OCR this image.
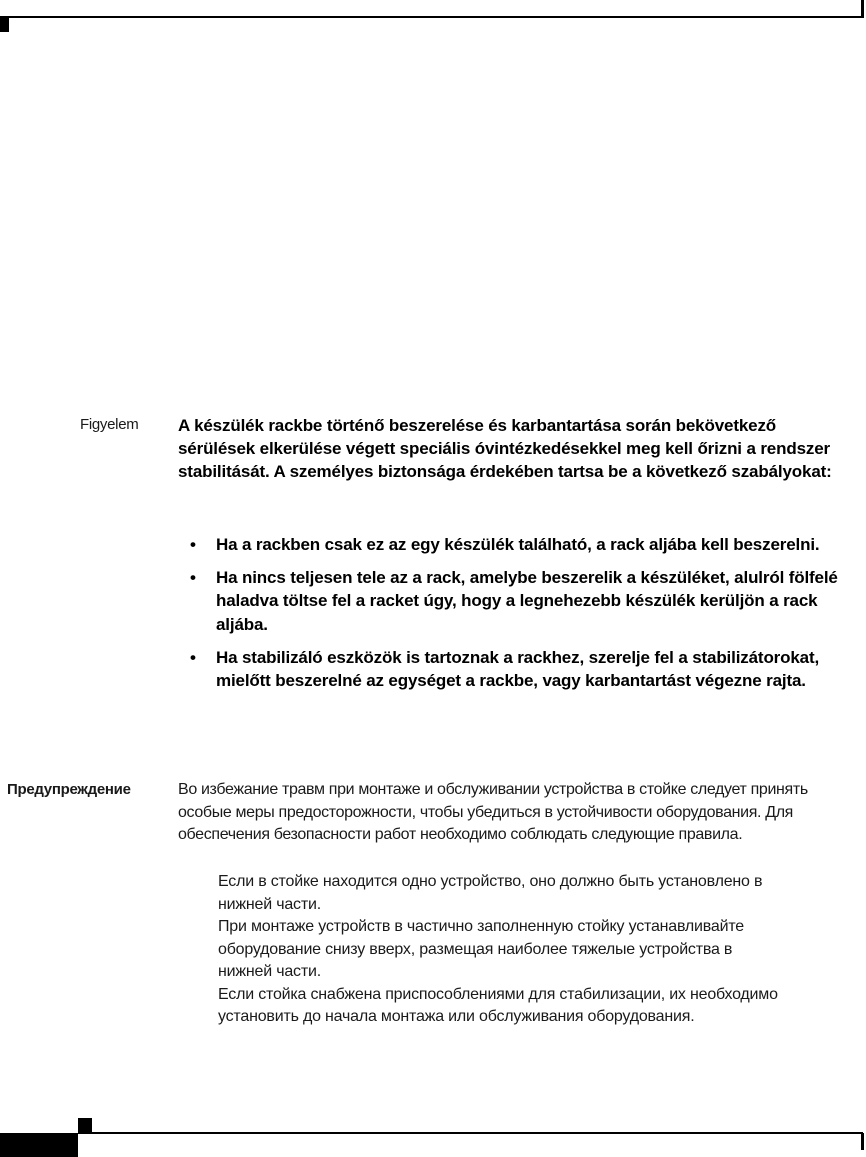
Figyelem A készülék rackbe történő beszerelése és karbantartása során bekövetkező sérülések elkerülése végett speciális óvintézkedésekkel meg kell őrizni a rendszer stabilitását. A személyes biztonsága érdekében tartsa be a következő szabályokat:
• Ha a rackben csak ez az egy készülék található, a rack aljába kell beszerelni.
• Ha nincs teljesen tele az a rack, amelybe beszerelik a készüléket, alulról fölfelé haladva töltse fel a racket úgy, hogy a legnehezebb készülék kerüljön a rack aljába.
• Ha stabilizáló eszközök is tartoznak a rackhez, szerelje fel a stabilizátorokat, mielőtt beszerelné az egységet a rackbe, vagy karbantartást végezne rajta.
Предупреждение	Во избежание травм при монтаже и обслуживании устройства в стойке следует принять особые меры предосторожности, чтобы убедиться в устойчивости оборудования. Для обеспечения безопасности работ необходимо соблюдать следующие правила.
Если в стойке находится одно устройство, оно должно быть установлено в нижней части.
При монтаже устройств в частично заполненную стойку устанавливайте оборудование снизу вверх, размещая наиболее тяжелые устройства в нижней части.
Если стойка снабжена приспособлениями для стабилизации, их необходимо установить до начала монтажа или обслуживания оборудования.
